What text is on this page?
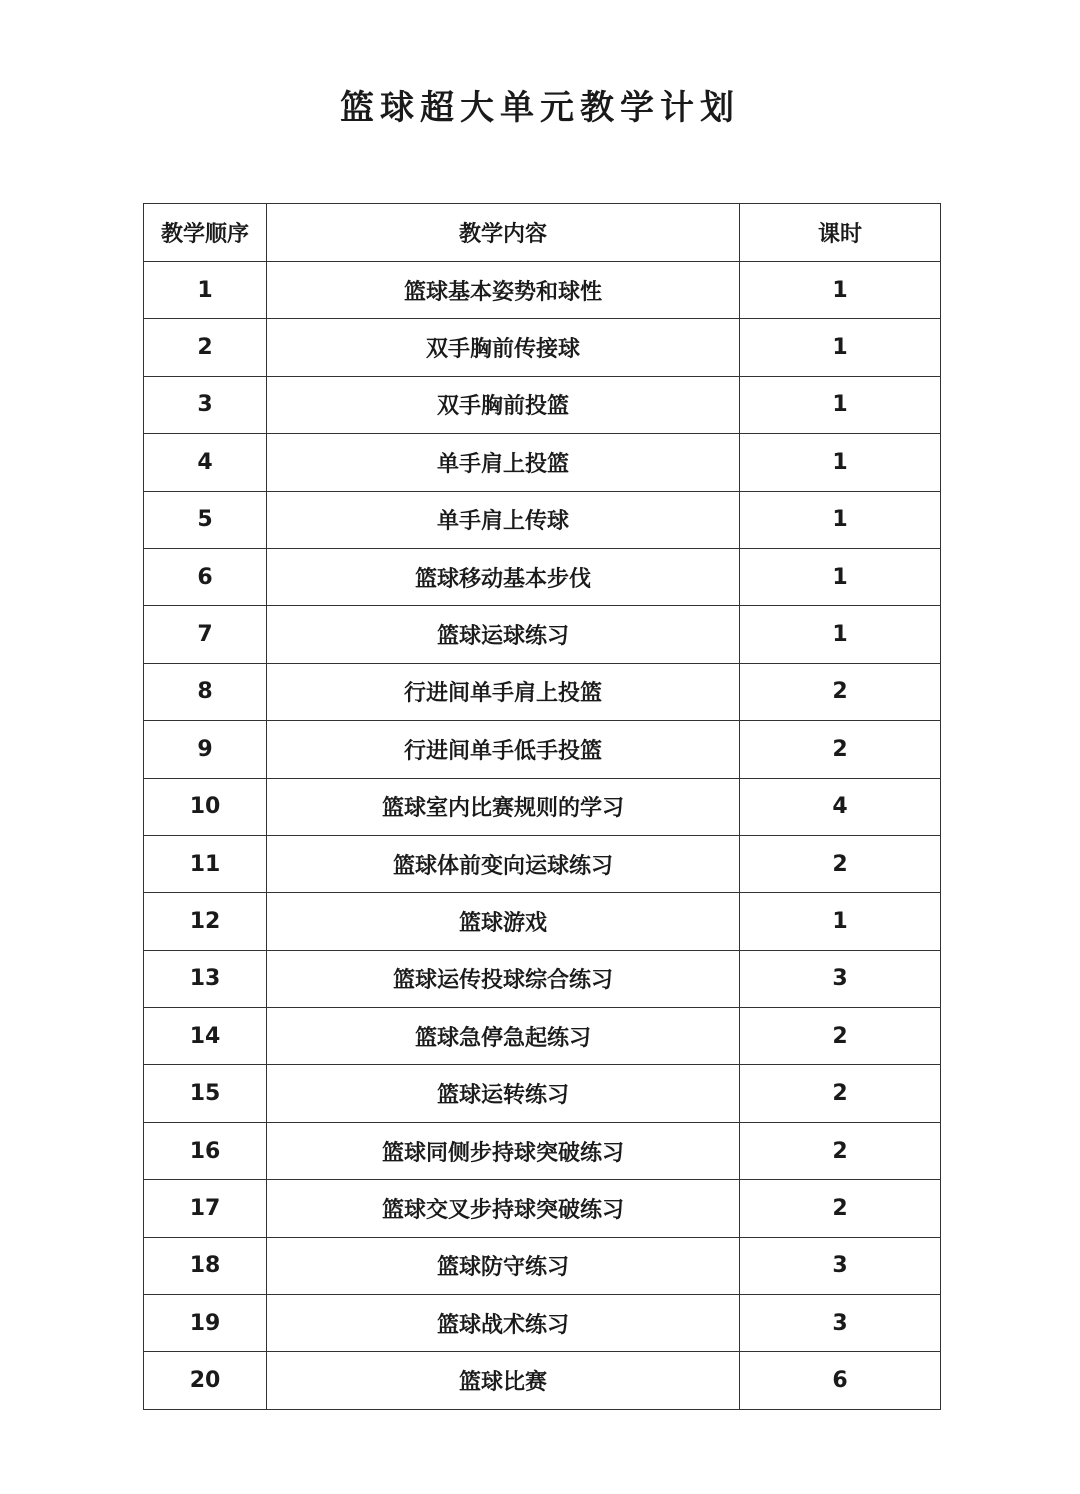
篮球超大单元教学计划
教学顺序	教学内容	课时
1	篮球基本姿势和球性	1
2	双手胸前传接球	1
3	双手胸前投篮	1
4	单手肩上投篮	1
5	单手肩上传球	1
6	篮球移动基本步伐	1
7	篮球运球练习	1
8	行进间单手肩上投篮	2
9	行进间单手低手投篮	2
10	篮球室内比赛规则的学习	4
11	篮球体前变向运球练习	2
12	篮球游戏	1
13	篮球运传投球综合练习	3
14	篮球急停急起练习	2
15	篮球运转练习	2
16	篮球同侧步持球突破练习	2
17	篮球交叉步持球突破练习	2
18	篮球防守练习	3
19	篮球战术练习	3
20	篮球比赛	6
